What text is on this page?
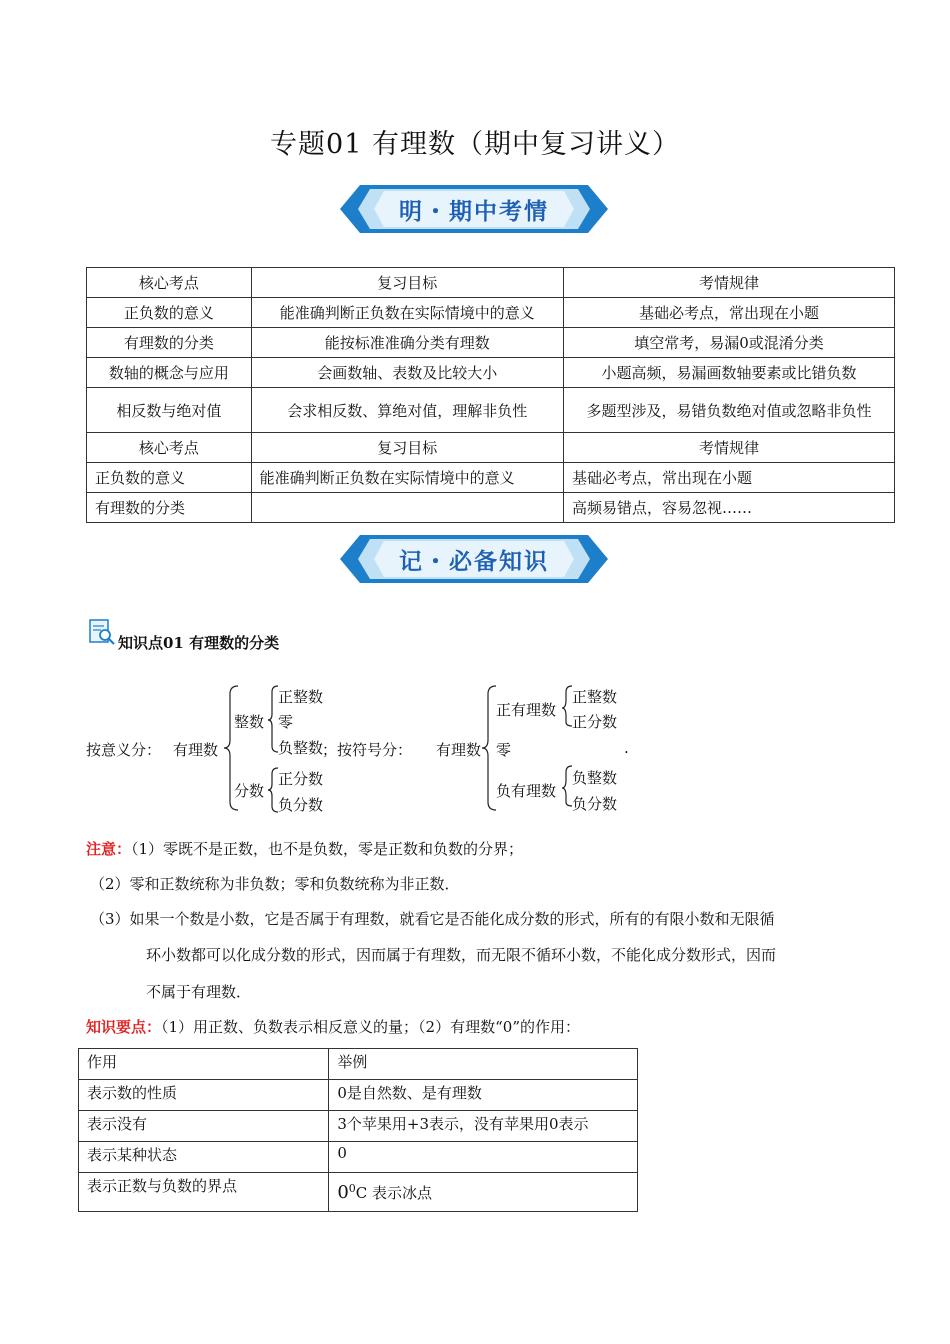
专题01 有理数（期中复习讲义）
明・期中考情
核心考点	复习目标	考情规律
正负数的意义	能准确判断正负数在实际情境中的意义	基础必考点，常出现在小题
有理数的分类	能按标准准确分类有理数	填空常考，易漏0或混淆分类
数轴的概念与应用	会画数轴、表数及比较大小	小题高频，易漏画数轴要素或比错负数
相反数与绝对值	会求相反数、算绝对值，理解非负性	多题型涉及，易错负数绝对值或忽略非负性
核心考点	复习目标	考情规律
正负数的意义	能准确判断正负数在实际情境中的意义	基础必考点，常出现在小题
有理数的分类		高频易错点，容易忽视……
记・必备知识
知识点01 有理数的分类
按意义分： 有理数
整数
正整数
零
负整数
；按符号分：
分数
正分数
负分数
有理数
正有理数
正整数
正分数
零
负有理数
负整数
负分数
.
注意：（1）零既不是正数，也不是负数，零是正数和负数的分界；
（2）零和正数统称为非负数；零和负数统称为非正数．
（3）如果一个数是小数，它是否属于有理数，就看它是否能化成分数的形式，所有的有限小数和无限循
环小数都可以化成分数的形式，因而属于有理数，而无限不循环小数，不能化成分数形式，因而
不属于有理数．
知识要点：（1）用正数、负数表示相反意义的量；（2）有理数“0”的作用：
作用	举例
表示数的性质	0是自然数、是有理数
表示没有	3个苹果用+3表示，没有苹果用0表示
表示某种状态	0
表示正数与负数的界点	$0^0C$ 表示冰点
